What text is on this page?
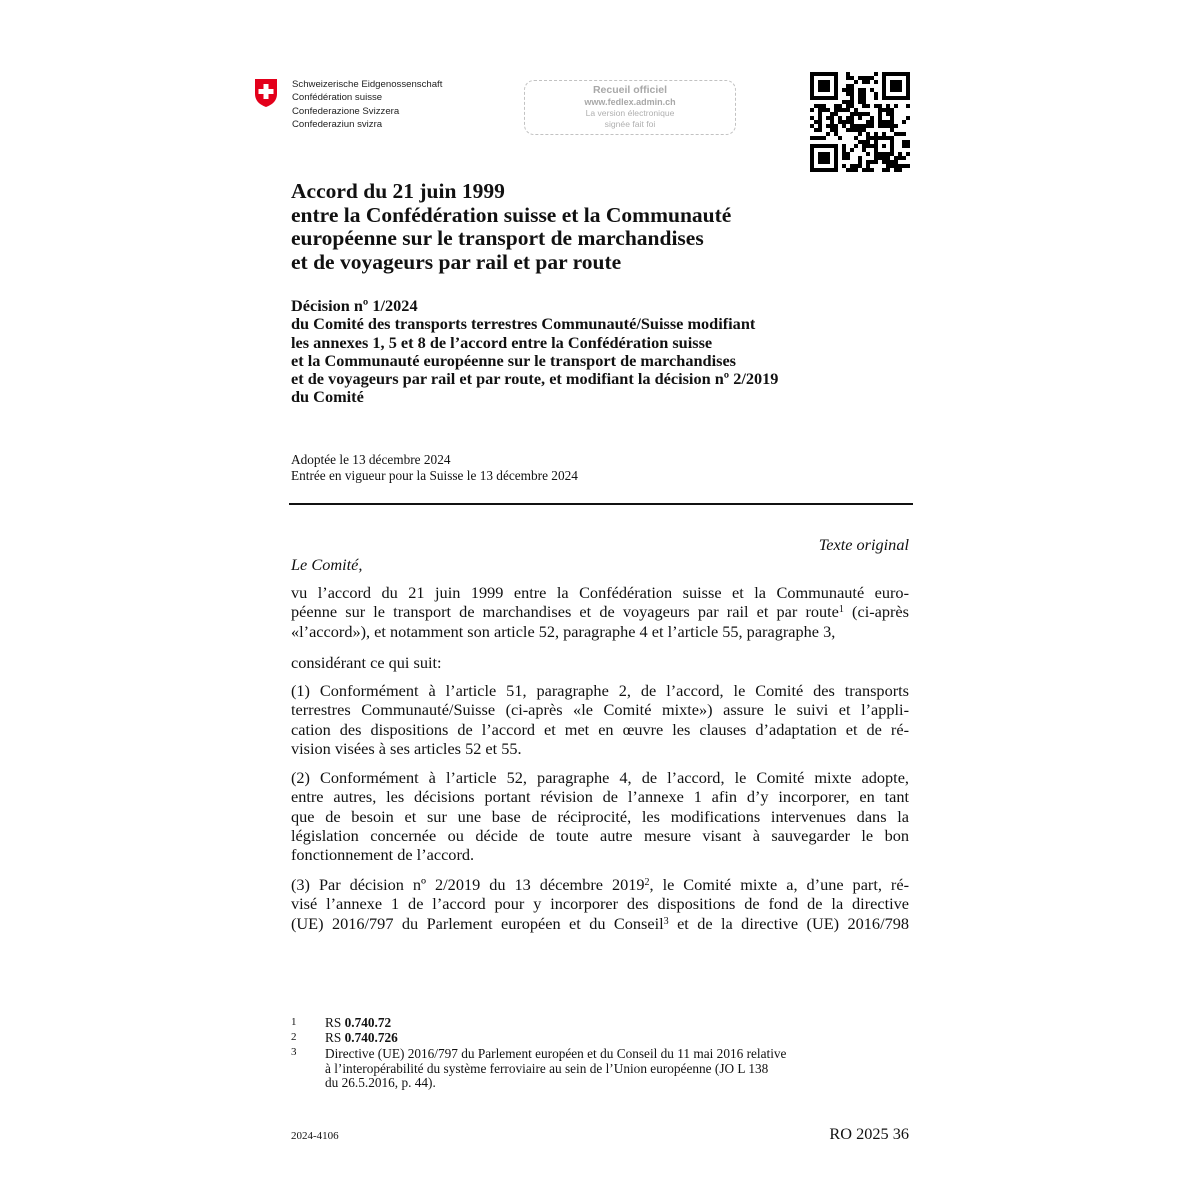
Schweizerische Eidgenossenschaft
Confédération suisse
Confederazione Svizzera
Confederaziun svizra
Recueil officiel
www.fedlex.admin.ch
La version électronique
signée fait foi
Accord du 21 juin 1999
entre la Confédération suisse et la Communauté
européenne sur le transport de marchandises
et de voyageurs par rail et par route
Décision nº 1/2024
du Comité des transports terrestres Communauté/Suisse modifiant
les annexes 1, 5 et 8 de l’accord entre la Confédération suisse
et la Communauté européenne sur le transport de marchandises
et de voyageurs par rail et par route, et modifiant la décision nº 2/2019
du Comité
Adoptée le 13 décembre 2024
Entrée en vigueur pour la Suisse le 13 décembre 2024
Texte original
Le Comité,
vu l’accord du 21 juin 1999 entre la Confédération suisse et la Communauté euro-
péenne sur le transport de marchandises et de voyageurs par rail et par route$^1$ (ci-après
«l’accord»), et notamment son article 52, paragraphe 4 et l’article 55, paragraphe 3,
considérant ce qui suit:
(1) Conformément à l’article 51, paragraphe 2, de l’accord, le Comité des transports
terrestres Communauté/Suisse (ci-après «le Comité mixte») assure le suivi et l’appli-
cation des dispositions de l’accord et met en œuvre les clauses d’adaptation et de ré-
vision visées à ses articles 52 et 55.
(2) Conformément à l’article 52, paragraphe 4, de l’accord, le Comité mixte adopte,
entre autres, les décisions portant révision de l’annexe 1 afin d’y incorporer, en tant
que de besoin et sur une base de réciprocité, les modifications intervenues dans la
législation concernée ou décide de toute autre mesure visant à sauvegarder le bon
fonctionnement de l’accord.
(3) Par décision nº 2/2019 du 13 décembre 2019$^2$, le Comité mixte a, d’une part, ré-
visé l’annexe 1 de l’accord pour y incorporer des dispositions de fond de la directive
(UE) 2016/797 du Parlement européen et du Conseil$^3$ et de la directive (UE) 2016/798
1 RS 0.740.72
2 RS 0.740.726
3 Directive (UE) 2016/797 du Parlement européen et du Conseil du 11 mai 2016 relative
à l’interopérabilité du système ferroviaire au sein de l’Union européenne (JO L 138
du 26.5.2016, p. 44).
2024-4106	RO 2025 36
